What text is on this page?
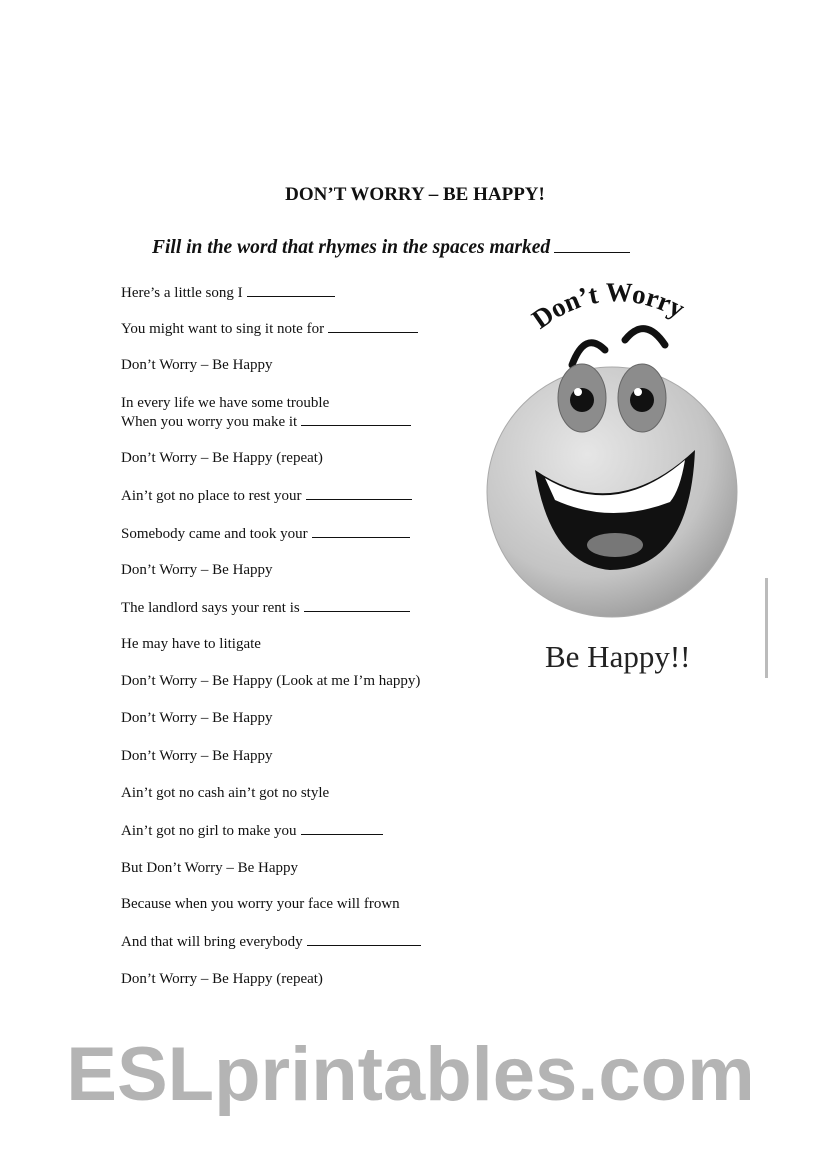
DON’T WORRY – BE HAPPY!
Fill in the word that rhymes in the spaces marked
Here’s a little song I
You might want to sing it note for
Don’t Worry – Be Happy
In every life we have some trouble
When you worry you make it
Don’t Worry – Be Happy (repeat)
Ain’t got no place to rest your
Somebody came and took your
Don’t Worry – Be Happy
The landlord says your rent is
He may have to litigate
Don’t Worry – Be Happy (Look at me I’m happy)
Don’t Worry – Be Happy
Don’t Worry – Be Happy
Ain’t got no cash ain’t got no style
Ain’t got no girl to make you
But Don’t Worry – Be Happy
Because when you worry your face will frown
And that will bring everybody
Don’t Worry – Be Happy (repeat)
Don’t Worry
Be Happy!!
ESLprintables.com
